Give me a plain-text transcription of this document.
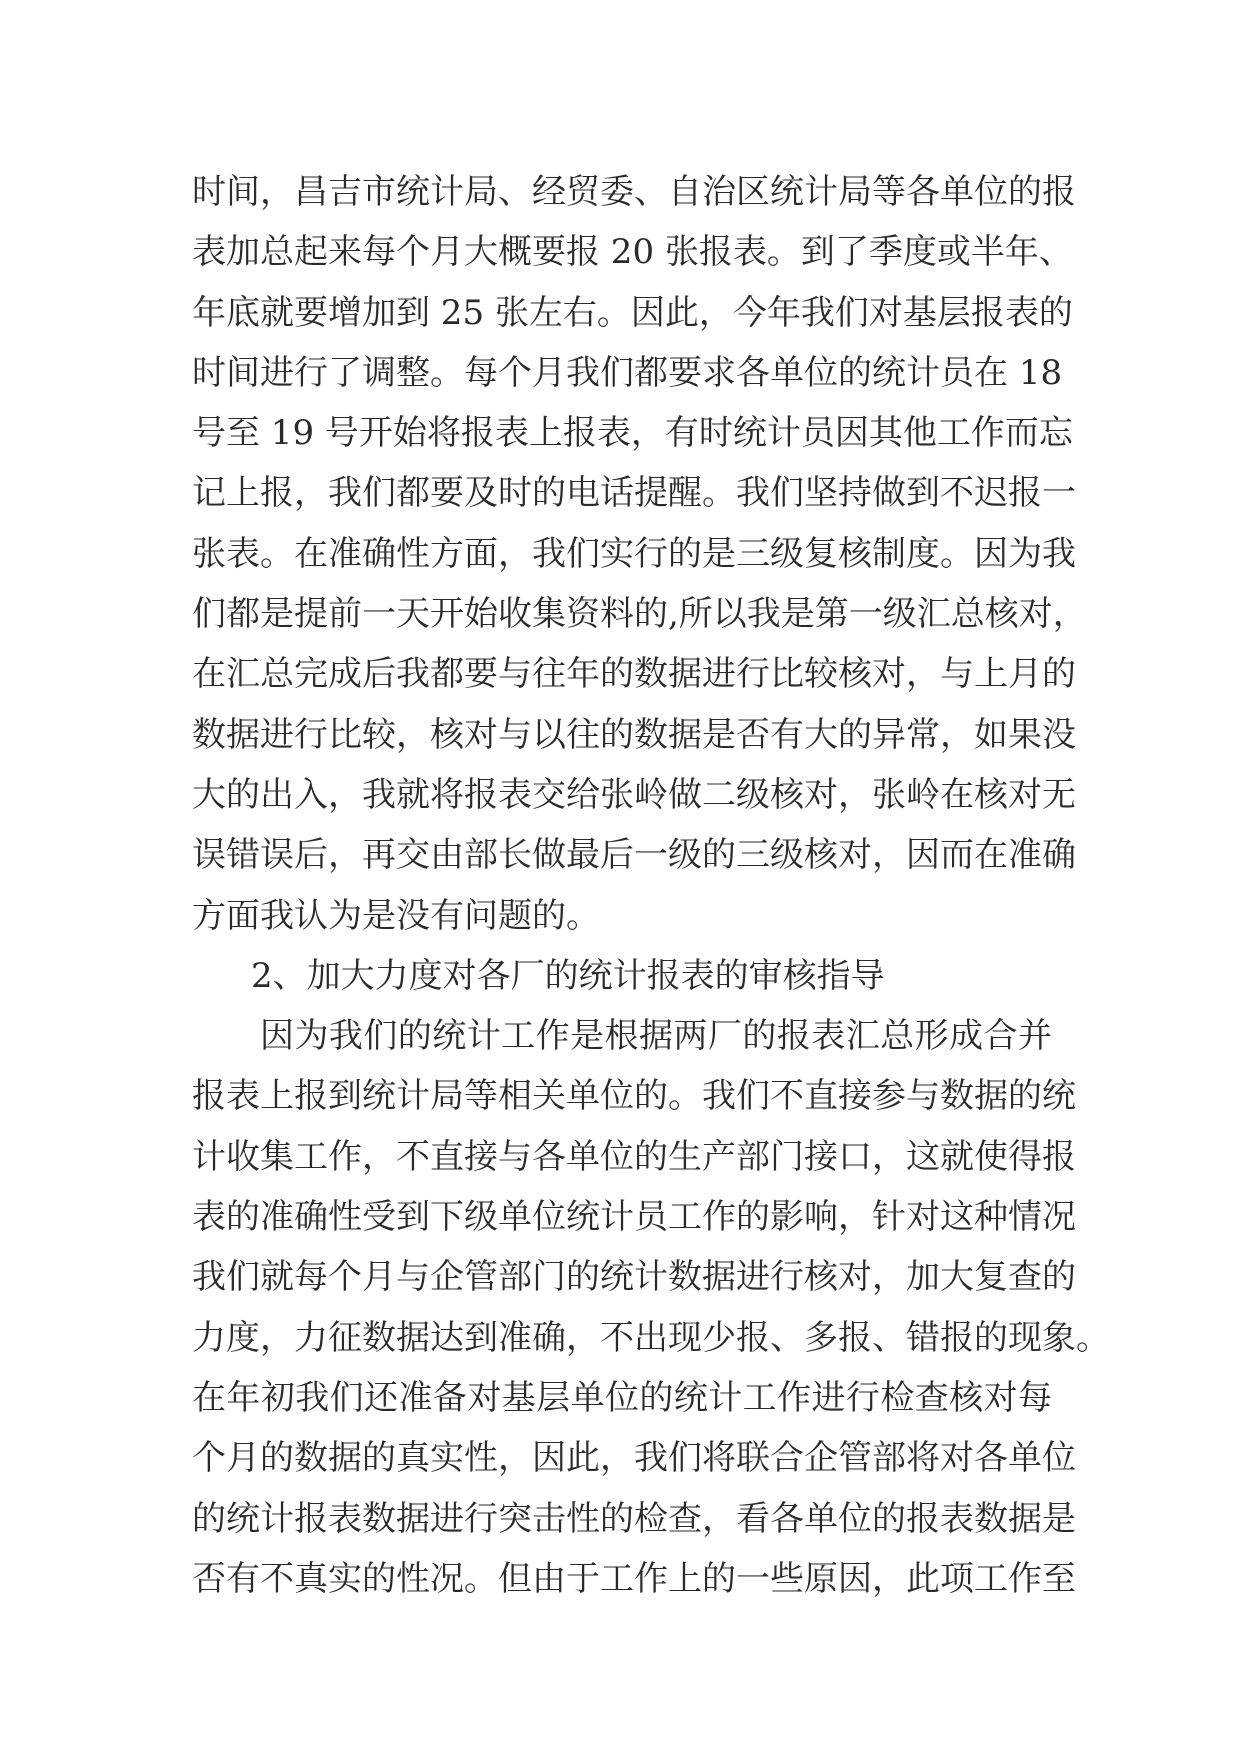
时间，昌吉市统计局、经贸委、自治区统计局等各单位的报
表加总起来每个月大概要报 20 张报表。到了季度或半年、
年底就要增加到 25 张左右。因此，今年我们对基层报表的
时间进行了调整。每个月我们都要求各单位的统计员在 18
号至 19 号开始将报表上报表，有时统计员因其他工作而忘
记上报，我们都要及时的电话提醒。我们坚持做到不迟报一
张表。在准确性方面，我们实行的是三级复核制度。因为我
们都是提前一天开始收集资料的,所以我是第一级汇总核对，
在汇总完成后我都要与往年的数据进行比较核对，与上月的
数据进行比较，核对与以往的数据是否有大的异常，如果没
大的出入，我就将报表交给张岭做二级核对，张岭在核对无
误错误后，再交由部长做最后一级的三级核对，因而在准确
方面我认为是没有问题的。
2、加大力度对各厂的统计报表的审核指导
因为我们的统计工作是根据两厂的报表汇总形成合并
报表上报到统计局等相关单位的。我们不直接参与数据的统
计收集工作，不直接与各单位的生产部门接口，这就使得报
表的准确性受到下级单位统计员工作的影响，针对这种情况
我们就每个月与企管部门的统计数据进行核对，加大复查的
力度，力征数据达到准确，不出现少报、多报、错报的现象。
在年初我们还准备对基层单位的统计工作进行检查核对每
个月的数据的真实性，因此，我们将联合企管部将对各单位
的统计报表数据进行突击性的检查，看各单位的报表数据是
否有不真实的性况。但由于工作上的一些原因，此项工作至
